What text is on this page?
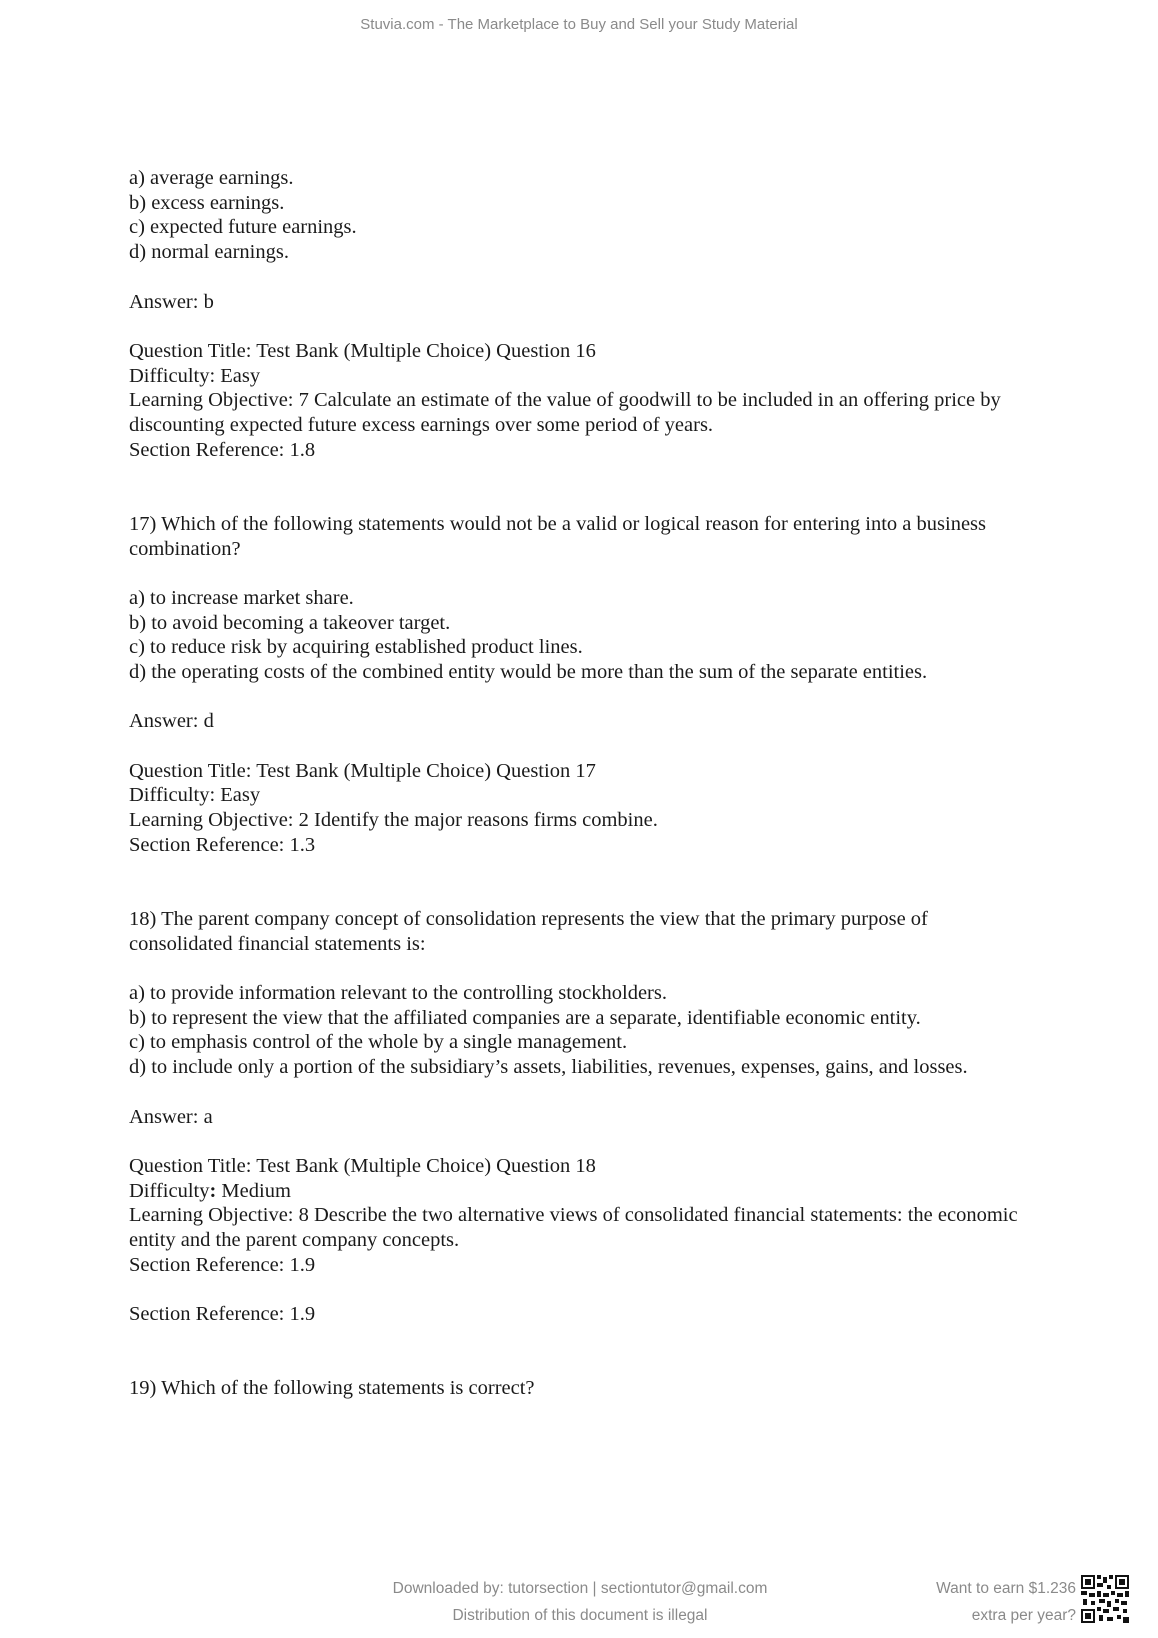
Stuvia.com - The Marketplace to Buy and Sell your Study Material
a) average earnings.
b) excess earnings.
c) expected future earnings.
d) normal earnings.
Answer: b
Question Title: Test Bank (Multiple Choice) Question 16
Difficulty: Easy
Learning Objective: 7 Calculate an estimate of the value of goodwill to be included in an offering price by
discounting expected future excess earnings over some period of years.
Section Reference: 1.8
17) Which of the following statements would not be a valid or logical reason for entering into a business
combination?
a) to increase market share.
b) to avoid becoming a takeover target.
c) to reduce risk by acquiring established product lines.
d) the operating costs of the combined entity would be more than the sum of the separate entities.
Answer: d
Question Title: Test Bank (Multiple Choice) Question 17
Difficulty: Easy
Learning Objective: 2 Identify the major reasons firms combine.
Section Reference: 1.3
18) The parent company concept of consolidation represents the view that the primary purpose of
consolidated financial statements is:
a) to provide information relevant to the controlling stockholders.
b) to represent the view that the affiliated companies are a separate, identifiable economic entity.
c) to emphasis control of the whole by a single management.
d) to include only a portion of the subsidiary’s assets, liabilities, revenues, expenses, gains, and losses.
Answer: a
Question Title: Test Bank (Multiple Choice) Question 18
Difficulty: Medium
Learning Objective: 8 Describe the two alternative views of consolidated financial statements: the economic
entity and the parent company concepts.
Section Reference: 1.9
Section Reference: 1.9
19) Which of the following statements is correct?
Downloaded by: tutorsection | sectiontutor@gmail.com
Distribution of this document is illegal
Want to earn $1.236
extra per year?
